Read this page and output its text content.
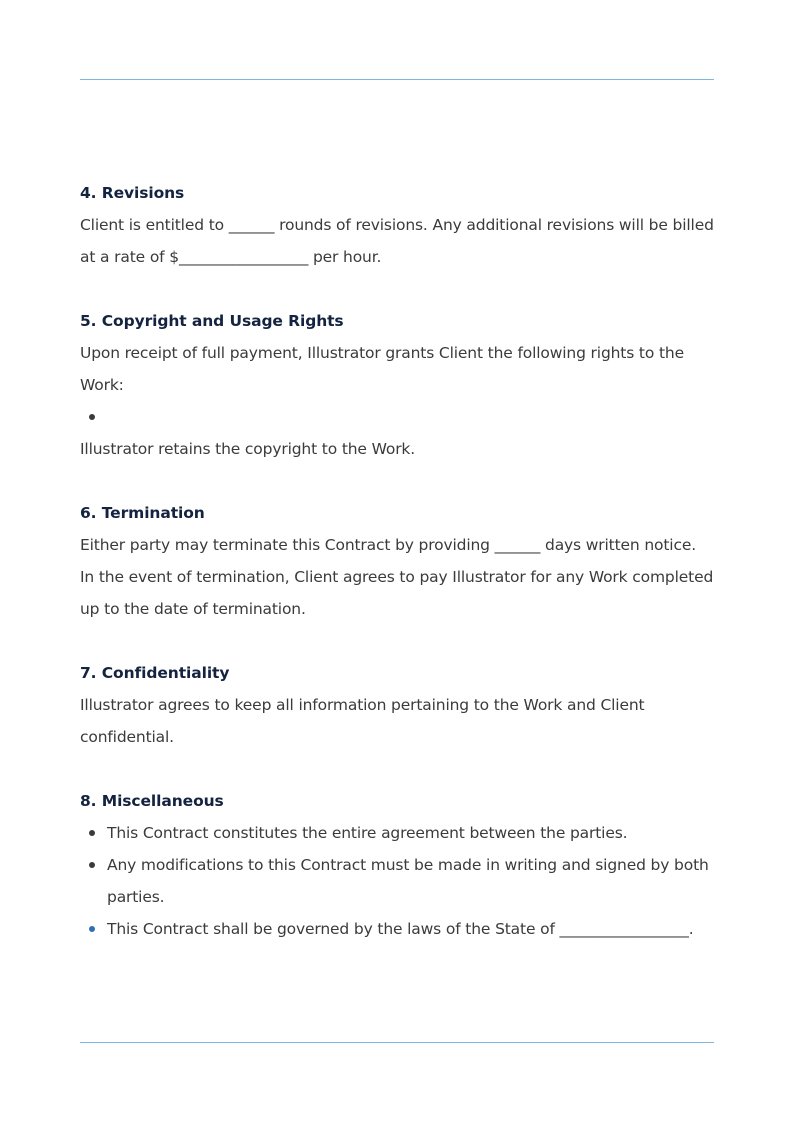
4. Revisions

Client is entitled to ______ rounds of revisions. Any additional revisions will be billed at a rate of $_________________ per hour.

5. Copyright and Usage Rights

Upon receipt of full payment, Illustrator grants Client the following rights to the Work:

Illustrator retains the copyright to the Work.

6. Termination

Either party may terminate this Contract by providing ______ days written notice. In the event of termination, Client agrees to pay Illustrator for any Work completed up to the date of termination.

7. Confidentiality

Illustrator agrees to keep all information pertaining to the Work and Client confidential.

8. Miscellaneous
This Contract constitutes the entire agreement between the parties.
Any modifications to this Contract must be made in writing and signed by both parties.
This Contract shall be governed by the laws of the State of _________________.
